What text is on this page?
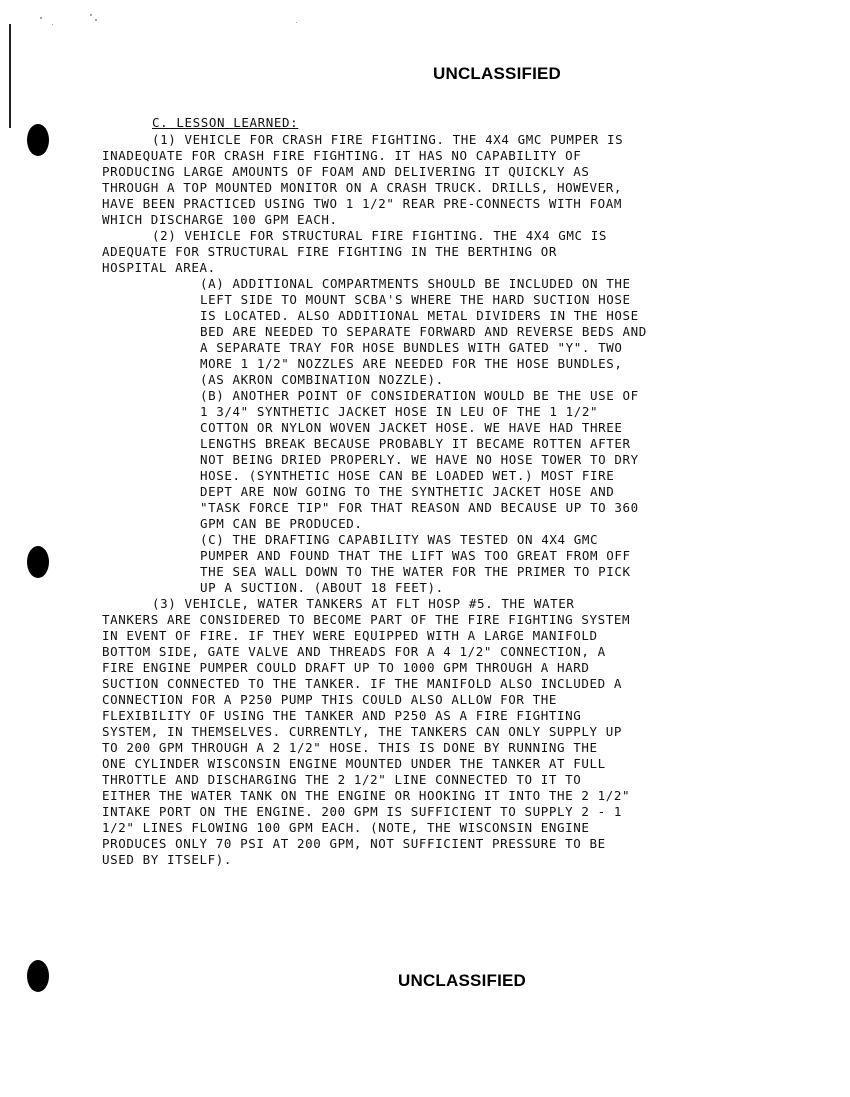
UNCLASSIFIED
C. LESSON LEARNED:
(1) VEHICLE FOR CRASH FIRE FIGHTING. THE 4X4 GMC PUMPER IS
INADEQUATE FOR CRASH FIRE FIGHTING. IT HAS NO CAPABILITY OF
PRODUCING LARGE AMOUNTS OF FOAM AND DELIVERING IT QUICKLY AS
THROUGH A TOP MOUNTED MONITOR ON A CRASH TRUCK. DRILLS, HOWEVER,
HAVE BEEN PRACTICED USING TWO 1 1/2" REAR PRE-CONNECTS WITH FOAM
WHICH DISCHARGE 100 GPM EACH.
(2) VEHICLE FOR STRUCTURAL FIRE FIGHTING. THE 4X4 GMC IS
ADEQUATE FOR STRUCTURAL FIRE FIGHTING IN THE BERTHING OR
HOSPITAL AREA.
(A) ADDITIONAL COMPARTMENTS SHOULD BE INCLUDED ON THE
LEFT SIDE TO MOUNT SCBA'S WHERE THE HARD SUCTION HOSE
IS LOCATED. ALSO ADDITIONAL METAL DIVIDERS IN THE HOSE
BED ARE NEEDED TO SEPARATE FORWARD AND REVERSE BEDS AND
A SEPARATE TRAY FOR HOSE BUNDLES WITH GATED "Y". TWO
MORE 1 1/2" NOZZLES ARE NEEDED FOR THE HOSE BUNDLES,
(AS AKRON COMBINATION NOZZLE).
(B) ANOTHER POINT OF CONSIDERATION WOULD BE THE USE OF
1 3/4" SYNTHETIC JACKET HOSE IN LEU OF THE 1 1/2"
COTTON OR NYLON WOVEN JACKET HOSE. WE HAVE HAD THREE
LENGTHS BREAK BECAUSE PROBABLY IT BECAME ROTTEN AFTER
NOT BEING DRIED PROPERLY. WE HAVE NO HOSE TOWER TO DRY
HOSE. (SYNTHETIC HOSE CAN BE LOADED WET.) MOST FIRE
DEPT ARE NOW GOING TO THE SYNTHETIC JACKET HOSE AND
"TASK FORCE TIP" FOR THAT REASON AND BECAUSE UP TO 360
GPM CAN BE PRODUCED.
(C) THE DRAFTING CAPABILITY WAS TESTED ON 4X4 GMC
PUMPER AND FOUND THAT THE LIFT WAS TOO GREAT FROM OFF
THE SEA WALL DOWN TO THE WATER FOR THE PRIMER TO PICK
UP A SUCTION. (ABOUT 18 FEET).
(3) VEHICLE, WATER TANKERS AT FLT HOSP #5. THE WATER
TANKERS ARE CONSIDERED TO BECOME PART OF THE FIRE FIGHTING SYSTEM
IN EVENT OF FIRE. IF THEY WERE EQUIPPED WITH A LARGE MANIFOLD
BOTTOM SIDE, GATE VALVE AND THREADS FOR A 4 1/2" CONNECTION, A
FIRE ENGINE PUMPER COULD DRAFT UP TO 1000 GPM THROUGH A HARD
SUCTION CONNECTED TO THE TANKER. IF THE MANIFOLD ALSO INCLUDED A
CONNECTION FOR A P250 PUMP THIS COULD ALSO ALLOW FOR THE
FLEXIBILITY OF USING THE TANKER AND P250 AS A FIRE FIGHTING
SYSTEM, IN THEMSELVES. CURRENTLY, THE TANKERS CAN ONLY SUPPLY UP
TO 200 GPM THROUGH A 2 1/2" HOSE. THIS IS DONE BY RUNNING THE
ONE CYLINDER WISCONSIN ENGINE MOUNTED UNDER THE TANKER AT FULL
THROTTLE AND DISCHARGING THE 2 1/2" LINE CONNECTED TO IT TO
EITHER THE WATER TANK ON THE ENGINE OR HOOKING IT INTO THE 2 1/2"
INTAKE PORT ON THE ENGINE. 200 GPM IS SUFFICIENT TO SUPPLY 2 - 1
1/2" LINES FLOWING 100 GPM EACH. (NOTE, THE WISCONSIN ENGINE
PRODUCES ONLY 70 PSI AT 200 GPM, NOT SUFFICIENT PRESSURE TO BE
USED BY ITSELF).
UNCLASSIFIED
